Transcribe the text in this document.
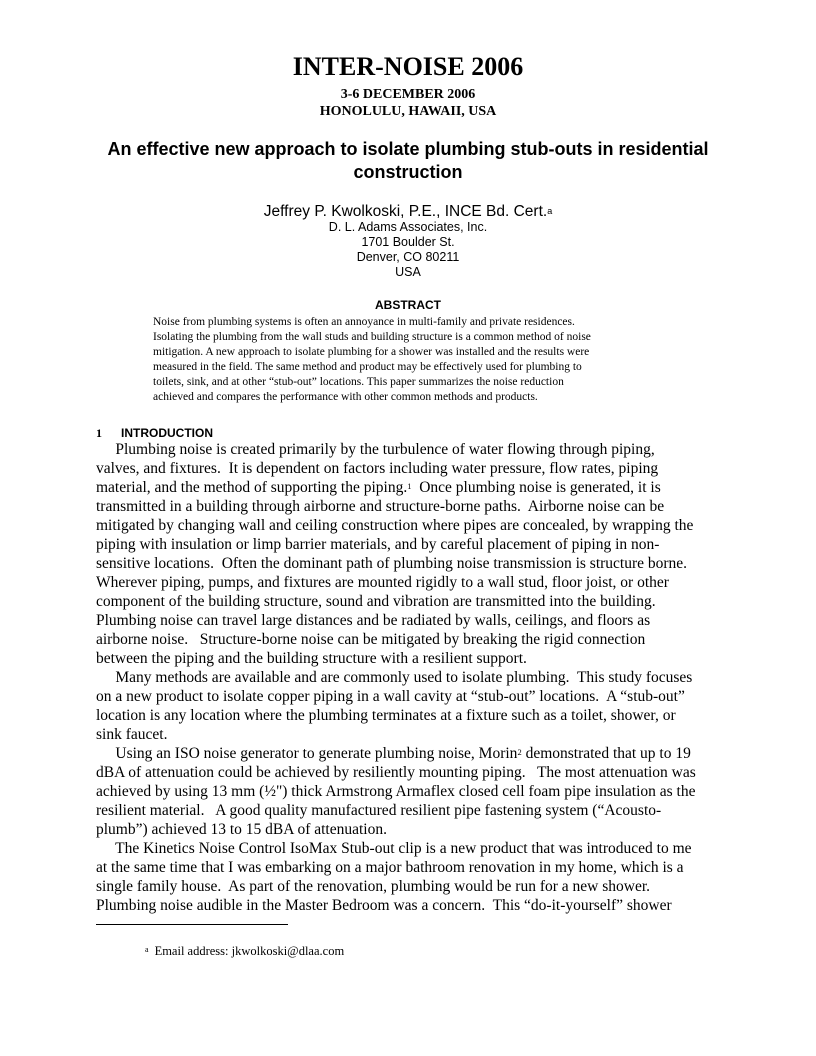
INTER-NOISE 2006
3-6 DECEMBER 2006
HONOLULU, HAWAII, USA
An effective new approach to isolate plumbing stub-outs in residential construction
Jeffrey P. Kwolkoski, P.E., INCE Bd. Cert.$^a$
D. L. Adams Associates, Inc.
1701 Boulder St.
Denver, CO 80211
USA
ABSTRACT
Noise from plumbing systems is often an annoyance in multi-family and private residences.
Isolating the plumbing from the wall studs and building structure is a common method of noise
mitigation. A new approach to isolate plumbing for a shower was installed and the results were
measured in the field. The same method and product may be effectively used for plumbing to
toilets, sink, and at other “stub-out” locations. This paper summarizes the noise reduction
achieved and compares the performance with other common methods and products.
1 INTRODUCTION
Plumbing noise is created primarily by the turbulence of water flowing through piping,
valves, and fixtures.  It is dependent on factors including water pressure, flow rates, piping
material, and the method of supporting the piping.$^1$  Once plumbing noise is generated, it is
transmitted in a building through airborne and structure-borne paths.  Airborne noise can be
mitigated by changing wall and ceiling construction where pipes are concealed, by wrapping the
piping with insulation or limp barrier materials, and by careful placement of piping in non-
sensitive locations.  Often the dominant path of plumbing noise transmission is structure borne.
Wherever piping, pumps, and fixtures are mounted rigidly to a wall stud, floor joist, or other
component of the building structure, sound and vibration are transmitted into the building.
Plumbing noise can travel large distances and be radiated by walls, ceilings, and floors as
airborne noise.   Structure-borne noise can be mitigated by breaking the rigid connection
between the piping and the building structure with a resilient support.
Many methods are available and are commonly used to isolate plumbing.  This study focuses
on a new product to isolate copper piping in a wall cavity at “stub-out” locations.  A “stub-out”
location is any location where the plumbing terminates at a fixture such as a toilet, shower, or
sink faucet.
Using an ISO noise generator to generate plumbing noise, Morin$^2$ demonstrated that up to 19
dBA of attenuation could be achieved by resiliently mounting piping.   The most attenuation was
achieved by using 13 mm (½") thick Armstrong Armaflex closed cell foam pipe insulation as the
resilient material.   A good quality manufactured resilient pipe fastening system (“Acousto-
plumb”) achieved 13 to 15 dBA of attenuation.
The Kinetics Noise Control IsoMax Stub-out clip is a new product that was introduced to me
at the same time that I was embarking on a major bathroom renovation in my home, which is a
single family house.  As part of the renovation, plumbing would be run for a new shower.
Plumbing noise audible in the Master Bedroom was a concern.  This “do-it-yourself” shower
$^a$ Email address: jkwolkoski@dlaa.com
